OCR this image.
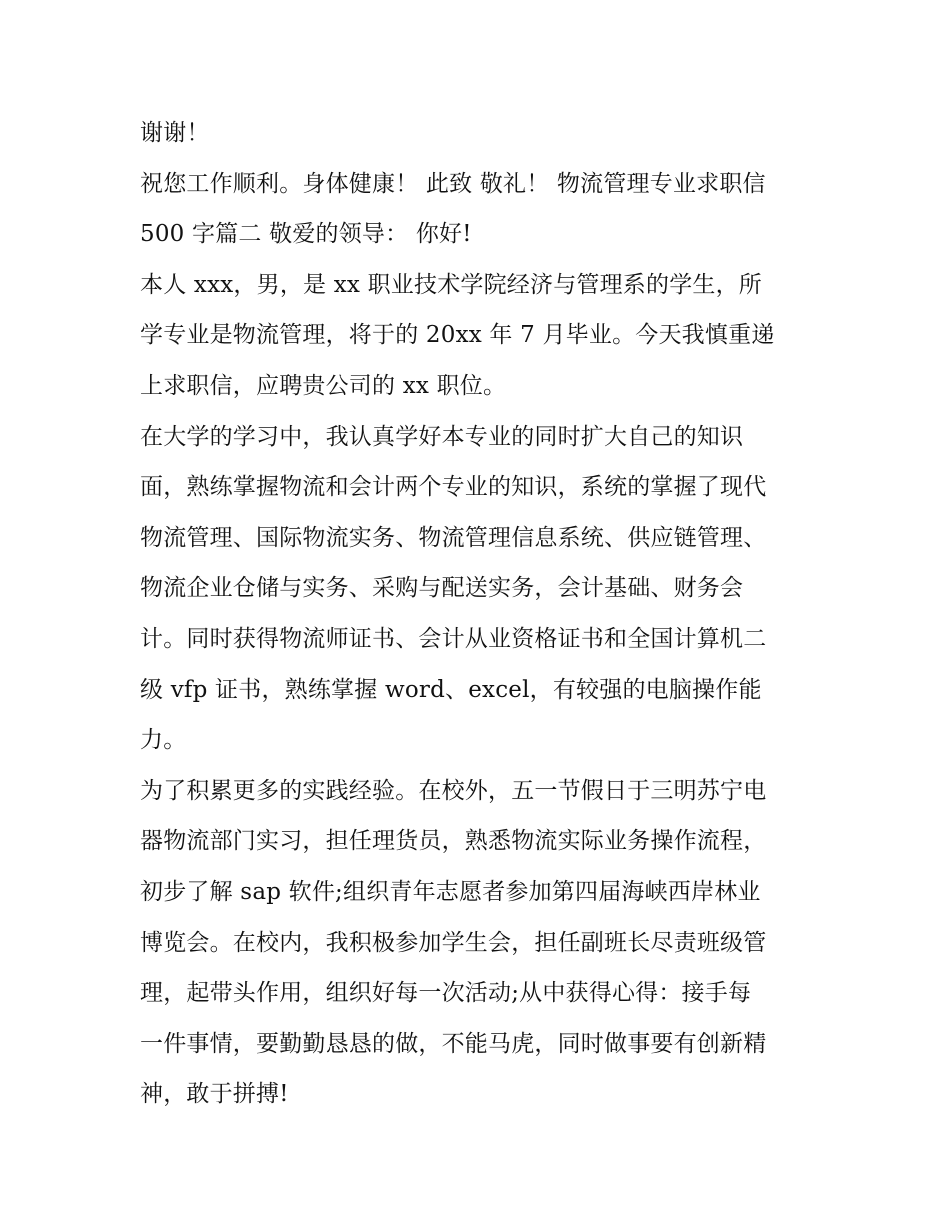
谢谢！
祝您工作顺利。身体健康！ 此致 敬礼！ 物流管理专业求职信
500 字篇二 敬爱的领导： 你好!
本人 xxx，男，是 xx 职业技术学院经济与管理系的学生，所
学专业是物流管理，将于的 20xx 年 7 月毕业。今天我慎重递
上求职信，应聘贵公司的 xx 职位。
在大学的学习中，我认真学好本专业的同时扩大自己的知识
面，熟练掌握物流和会计两个专业的知识，系统的掌握了现代
物流管理、国际物流实务、物流管理信息系统、供应链管理、
物流企业仓储与实务、采购与配送实务，会计基础、财务会
计。同时获得物流师证书、会计从业资格证书和全国计算机二
级 vfp 证书，熟练掌握 word、excel，有较强的电脑操作能
力。
为了积累更多的实践经验。在校外，五一节假日于三明苏宁电
器物流部门实习，担任理货员，熟悉物流实际业务操作流程，
初步了解 sap 软件;组织青年志愿者参加第四届海峡西岸林业
博览会。在校内，我积极参加学生会，担任副班长尽责班级管
理，起带头作用，组织好每一次活动;从中获得心得：接手每
一件事情，要勤勤恳恳的做，不能马虎，同时做事要有创新精
神，敢于拼搏!
